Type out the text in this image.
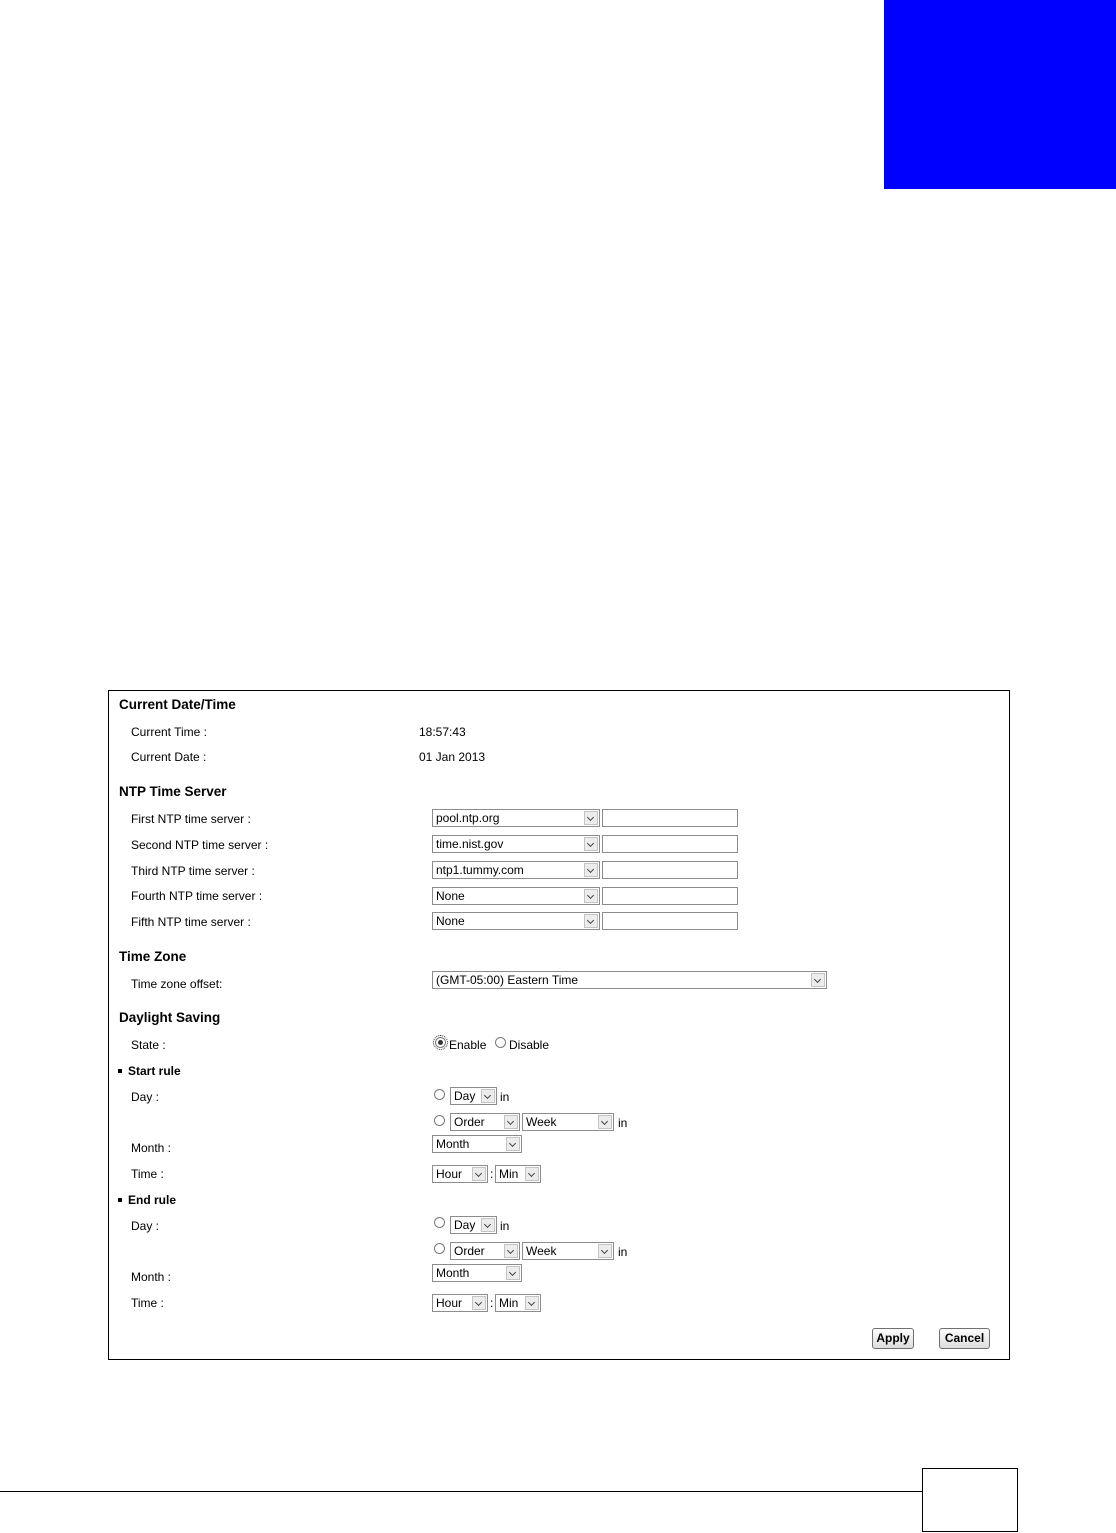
Current Date/Time
Current Time :	18:57:43
Current Date :	01 Jan 2013
NTP Time Server
First NTP time server :	pool.ntp.org
Second NTP time server :	time.nist.gov
Third NTP time server :	ntp1.tummy.com
Fourth NTP time server :	None
Fifth NTP time server :	None
Time Zone
Time zone offset:	(GMT-05:00) Eastern Time
Daylight Saving
State :	Enable Disable
Start rule
Day :	Day	in
Order	Week	in
Month :	Month
Time :	Hour	: Min
End rule
Day :	Day	in
Order	Week	in
Month :	Month
Time :	Hour	: Min
Apply	Cancel
